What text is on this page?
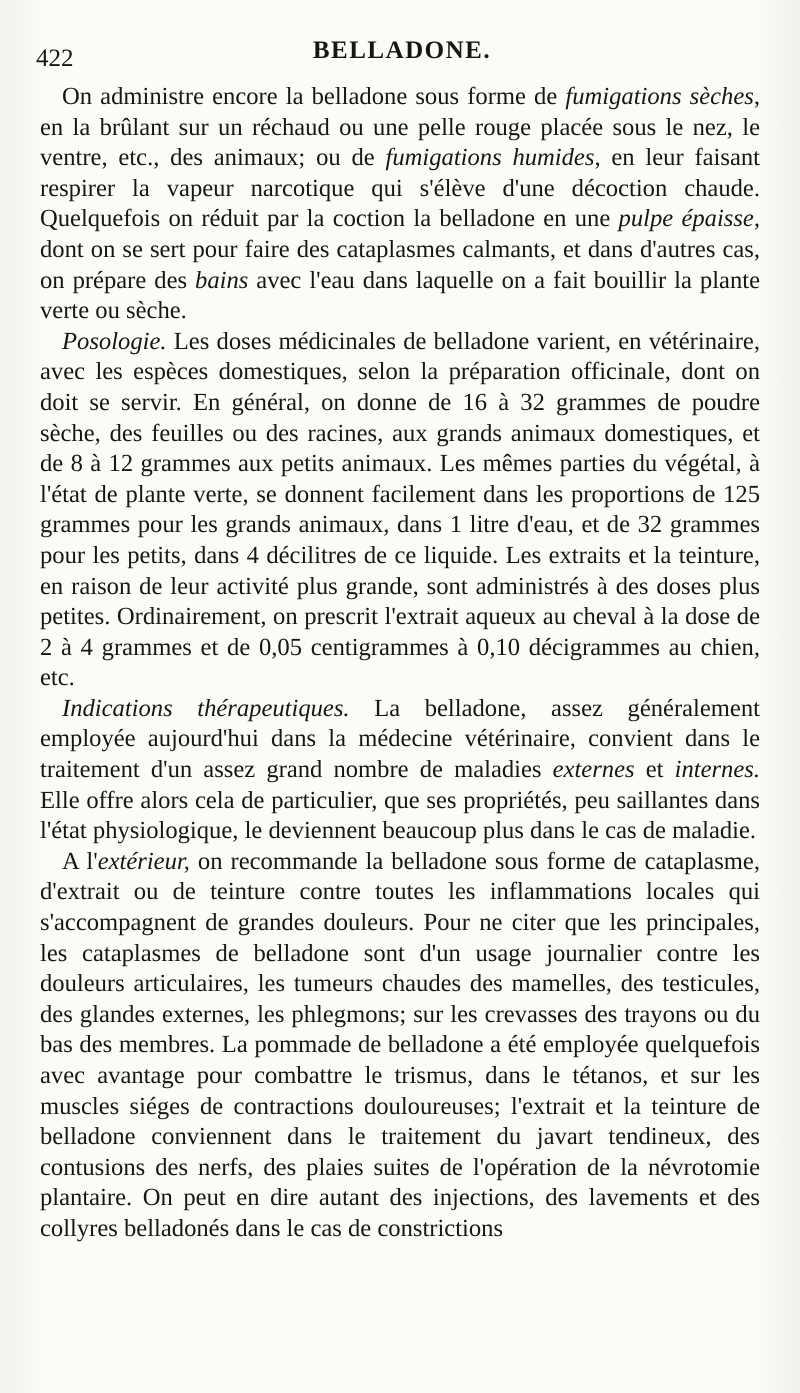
422	BELLADONE.

On administre encore la belladone sous forme de fumigations sèches, en la brûlant sur un réchaud ou une pelle rouge placée sous le nez, le ventre, etc., des animaux; ou de fumigations humides, en leur faisant respirer la vapeur narcotique qui s'élève d'une décoction chaude. Quelquefois on réduit par la coction la belladone en une pulpe épaisse, dont on se sert pour faire des cataplasmes calmants, et dans d'autres cas, on prépare des bains avec l'eau dans laquelle on a fait bouillir la plante verte ou sèche.

Posologie. Les doses médicinales de belladone varient, en vétérinaire, avec les espèces domestiques, selon la préparation officinale, dont on doit se servir. En général, on donne de 16 à 32 grammes de poudre sèche, des feuilles ou des racines, aux grands animaux domestiques, et de 8 à 12 grammes aux petits animaux. Les mêmes parties du végétal, à l'état de plante verte, se donnent facilement dans les proportions de 125 grammes pour les grands animaux, dans 1 litre d'eau, et de 32 grammes pour les petits, dans 4 décilitres de ce liquide. Les extraits et la teinture, en raison de leur activité plus grande, sont administrés à des doses plus petites. Ordinairement, on prescrit l'extrait aqueux au cheval à la dose de 2 à 4 grammes et de 0,05 centigrammes à 0,10 décigrammes au chien, etc.

Indications thérapeutiques. La belladone, assez généralement employée aujourd'hui dans la médecine vétérinaire, convient dans le traitement d'un assez grand nombre de maladies externes et internes. Elle offre alors cela de particulier, que ses propriétés, peu saillantes dans l'état physiologique, le deviennent beaucoup plus dans le cas de maladie.

A l'extérieur, on recommande la belladone sous forme de cataplasme, d'extrait ou de teinture contre toutes les inflammations locales qui s'accompagnent de grandes douleurs. Pour ne citer que les principales, les cataplasmes de belladone sont d'un usage journalier contre les douleurs articulaires, les tumeurs chaudes des mamelles, des testicules, des glandes externes, les phlegmons; sur les crevasses des trayons ou du bas des membres. La pommade de belladone a été employée quelquefois avec avantage pour combattre le trismus, dans le tétanos, et sur les muscles siéges de contractions douloureuses; l'extrait et la teinture de belladone conviennent dans le traitement du javart tendineux, des contusions des nerfs, des plaies suites de l'opération de la névrotomie plantaire. On peut en dire autant des injections, des lavements et des collyres belladonés dans le cas de constrictions
